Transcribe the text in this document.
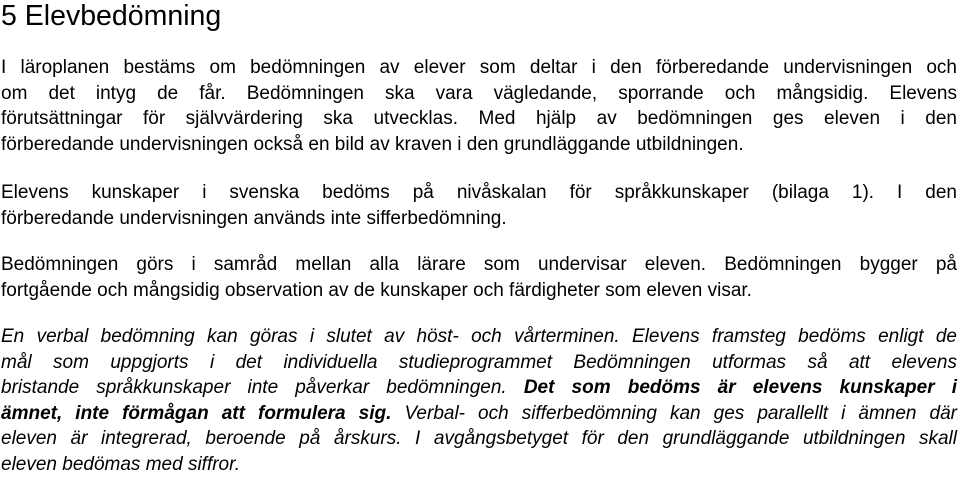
5 Elevbedömning

I läroplanen bestäms om bedömningen av elever som deltar i den förberedande undervisningen och
om det intyg de får. Bedömningen ska vara vägledande, sporrande och mångsidig. Elevens
förutsättningar för självvärdering ska utvecklas. Med hjälp av bedömningen ges eleven i den
förberedande undervisningen också en bild av kraven i den grundläggande utbildningen.

Elevens kunskaper i svenska bedöms på nivåskalan för språkkunskaper (bilaga 1). I den
förberedande undervisningen används inte sifferbedömning.

Bedömningen görs i samråd mellan alla lärare som undervisar eleven. Bedömningen bygger på
fortgående och mångsidig observation av de kunskaper och färdigheter som eleven visar.

En verbal bedömning kan göras i slutet av höst- och vårterminen. Elevens framsteg bedöms enligt de
mål som uppgjorts i det individuella studieprogrammet Bedömningen utformas så att elevens
bristande språkkunskaper inte påverkar bedömningen. Det som bedöms är elevens kunskaper i
ämnet, inte förmågan att formulera sig. Verbal- och sifferbedömning kan ges parallellt i ämnen där
eleven är integrerad, beroende på årskurs. I avgångsbetyget för den grundläggande utbildningen skall
eleven bedömas med siffror.
